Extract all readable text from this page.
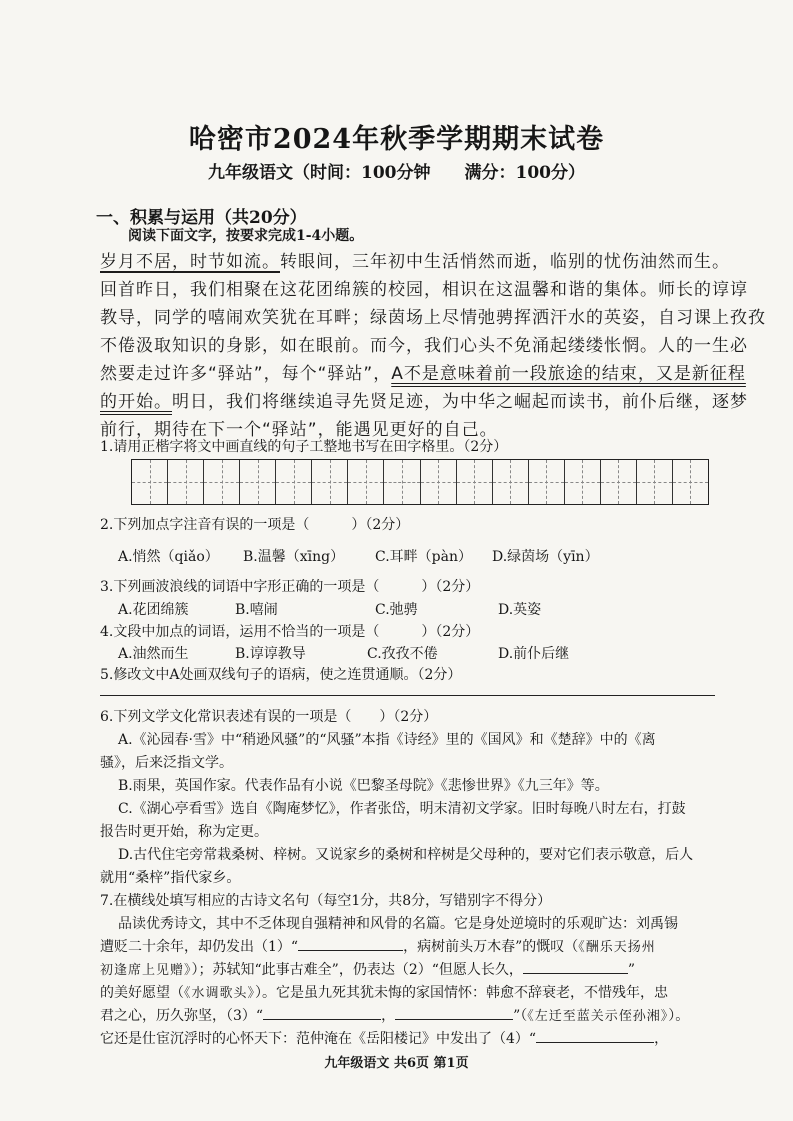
哈密市2024年秋季学期期末试卷
九年级语文（时间：100分钟　　满分：100分）
一、积累与运用（共20分）
阅读下面文字，按要求完成1-4小题。
岁月不居，时节如流。转眼间，三年初中生活悄然而逝，临别的忧伤油然而生。
回首昨日，我们相聚在这花团绵簇的校园，相识在这温馨和谐的集体。师长的谆谆
教导，同学的嘻闹欢笑犹在耳畔；绿茵场上尽情弛骋挥洒汗水的英姿，自习课上孜孜
不倦汲取知识的身影，如在眼前。而今，我们心头不免涌起缕缕怅惘。人的一生必
然要走过许多“驿站”，每个“驿站”，A不是意味着前一段旅途的结束，又是新征程
的开始。明日，我们将继续追寻先贤足迹，为中华之崛起而读书，前仆后继，逐梦
前行，期待在下一个“驿站”，能遇见更好的自己。
1.请用正楷字将文中画直线的句子工整地书写在田字格里。（2分）
2.下列加点字注音有误的一项是（　　　）（2分）
A.悄然（qiǎo） B.温馨（xīng） C.耳畔（pàn） D.绿茵场（yīn）
3.下列画波浪线的词语中字形正确的一项是（　　　）（2分）
A.花团绵簇	B.嘻闹	C.弛骋	D.英姿
4.文段中加点的词语，运用不恰当的一项是（　　　）（2分）
A.油然而生	B.谆谆教导	C.孜孜不倦	D.前仆后继
5.修改文中A处画双线句子的语病，使之连贯通顺。（2分）
6.下列文学文化常识表述有误的一项是（　　）（2分）
A.《沁园春·雪》中“稍逊风骚”的“风骚”本指《诗经》里的《国风》和《楚辞》中的《离
骚》，后来泛指文学。
B.雨果，英国作家。代表作品有小说《巴黎圣母院》《悲惨世界》《九三年》等。
C.《湖心亭看雪》选自《陶庵梦忆》，作者张岱，明末清初文学家。旧时每晚八时左右，打鼓
报告时更开始，称为定更。
D.古代住宅旁常栽桑树、梓树。又说家乡的桑树和梓树是父母种的，要对它们表示敬意，后人
就用“桑梓”指代家乡。
7.在横线处填写相应的古诗文名句（每空1分，共8分，写错别字不得分）
品读优秀诗文，其中不乏体现自强精神和风骨的名篇。它是身处逆境时的乐观旷达：刘禹锡
遭贬二十余年，却仍发出（1）“	，病树前头万木春”的慨叹（《酬乐天扬州
初逢席上见赠》）；苏轼知“此事古难全”，仍表达（2）“但愿人长久，	”
的美好愿望（《水调歌头》）。它是虽九死其犹未悔的家国情怀：韩愈不辞衰老，不惜残年，忠
君之心，历久弥坚，（3）“	，	”（《左迁至蓝关示侄孙湘》）。
它还是仕宦沉浮时的心怀天下：范仲淹在《岳阳楼记》中发出了（4）“	，
九年级语文 共6页 第1页
